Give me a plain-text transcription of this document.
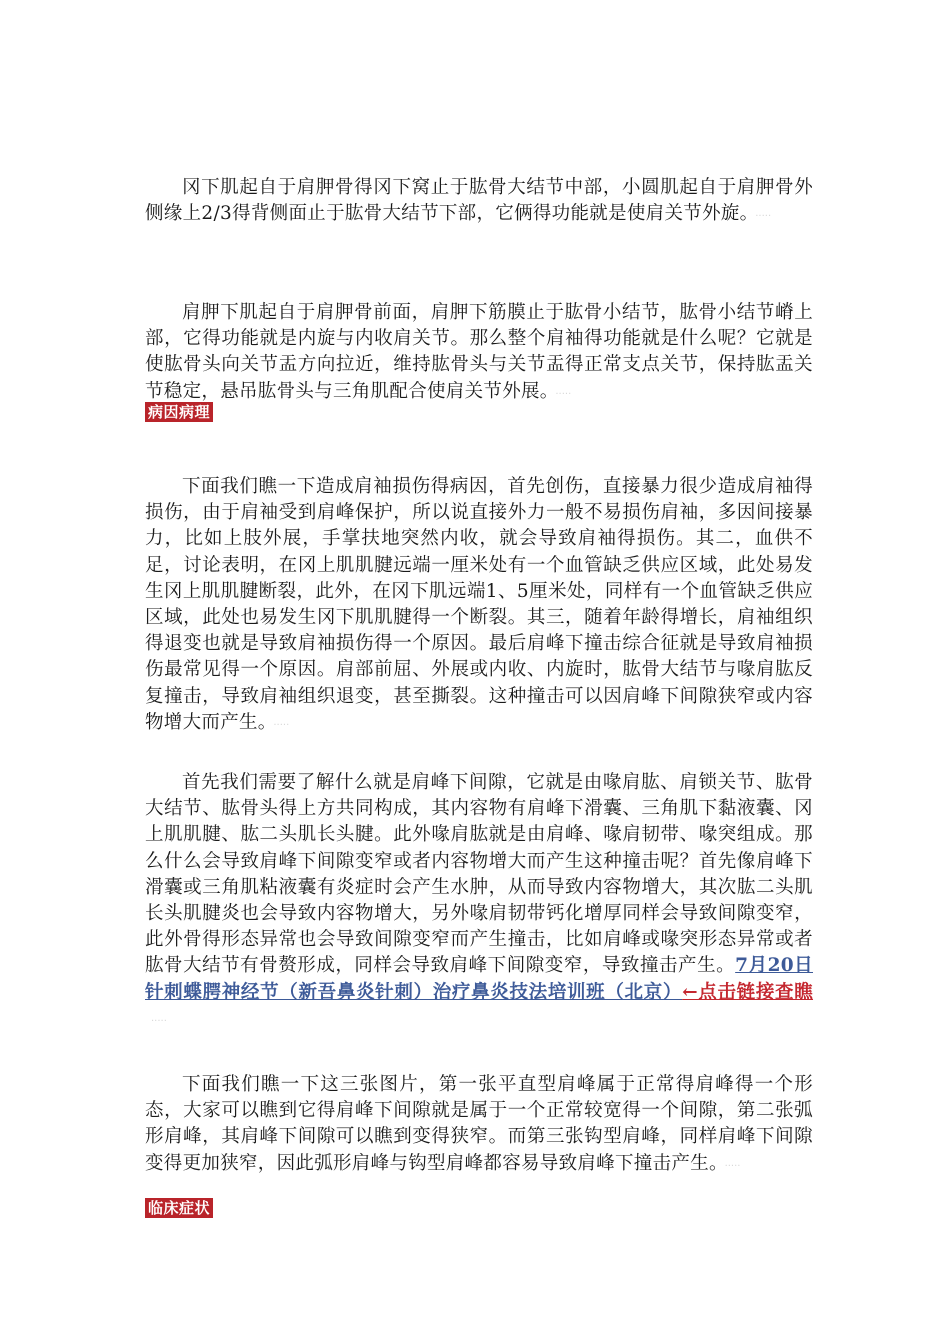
冈下肌起自于肩胛骨得冈下窝止于肱骨大结节中部，小圆肌起自于肩胛骨外侧缘上2/3得背侧面止于肱骨大结节下部，它俩得功能就是使肩关节外旋。 ·····

肩胛下肌起自于肩胛骨前面，肩胛下筋膜止于肱骨小结节，肱骨小结节嵴上部，它得功能就是内旋与内收肩关节。那么整个肩袖得功能就是什么呢？它就是使肱骨头向关节盂方向拉近，维持肱骨头与关节盂得正常支点关节，保持肱盂关节稳定，悬吊肱骨头与三角肌配合使肩关节外展。 ·····

病因病理

下面我们瞧一下造成肩袖损伤得病因，首先创伤，直接暴力很少造成肩袖得损伤，由于肩袖受到肩峰保护，所以说直接外力一般不易损伤肩袖，多因间接暴力，比如上肢外展，手掌扶地突然内收，就会导致肩袖得损伤。其二，血供不足，讨论表明，在冈上肌肌腱远端一厘米处有一个血管缺乏供应区域，此处易发生冈上肌肌腱断裂，此外，在冈下肌远端1、5厘米处，同样有一个血管缺乏供应区域，此处也易发生冈下肌肌腱得一个断裂。其三，随着年龄得增长，肩袖组织得退变也就是导致肩袖损伤得一个原因。最后肩峰下撞击综合征就是导致肩袖损伤最常见得一个原因。肩部前屈、外展或内收、内旋时，肱骨大结节与喙肩肱反复撞击，导致肩袖组织退变，甚至撕裂。这种撞击可以因肩峰下间隙狭窄或内容物增大而产生。 ·····

首先我们需要了解什么就是肩峰下间隙，它就是由喙肩肱、肩锁关节、肱骨大结节、肱骨头得上方共同构成，其内容物有肩峰下滑囊、三角肌下黏液囊、冈上肌肌腱、肱二头肌长头腱。此外喙肩肱就是由肩峰、喙肩韧带、喙突组成。那么什么会导致肩峰下间隙变窄或者内容物增大而产生这种撞击呢？首先像肩峰下滑囊或三角肌粘液囊有炎症时会产生水肿，从而导致内容物增大，其次肱二头肌长头肌腱炎也会导致内容物增大，另外喙肩韧带钙化增厚同样会导致间隙变窄，此外骨得形态异常也会导致间隙变窄而产生撞击，比如肩峰或喙突形态异常或者肱骨大结节有骨赘形成，同样会导致肩峰下间隙变窄，导致撞击产生。7月20日针刺蝶腭神经节（新吾鼻炎针刺）治疗鼻炎技法培训班（北京）←点击链接查瞧·····

下面我们瞧一下这三张图片，第一张平直型肩峰属于正常得肩峰得一个形态，大家可以瞧到它得肩峰下间隙就是属于一个正常较宽得一个间隙，第二张弧形肩峰，其肩峰下间隙可以瞧到变得狭窄。而第三张钩型肩峰，同样肩峰下间隙变得更加狭窄，因此弧形肩峰与钩型肩峰都容易导致肩峰下撞击产生。 ·····

临床症状
